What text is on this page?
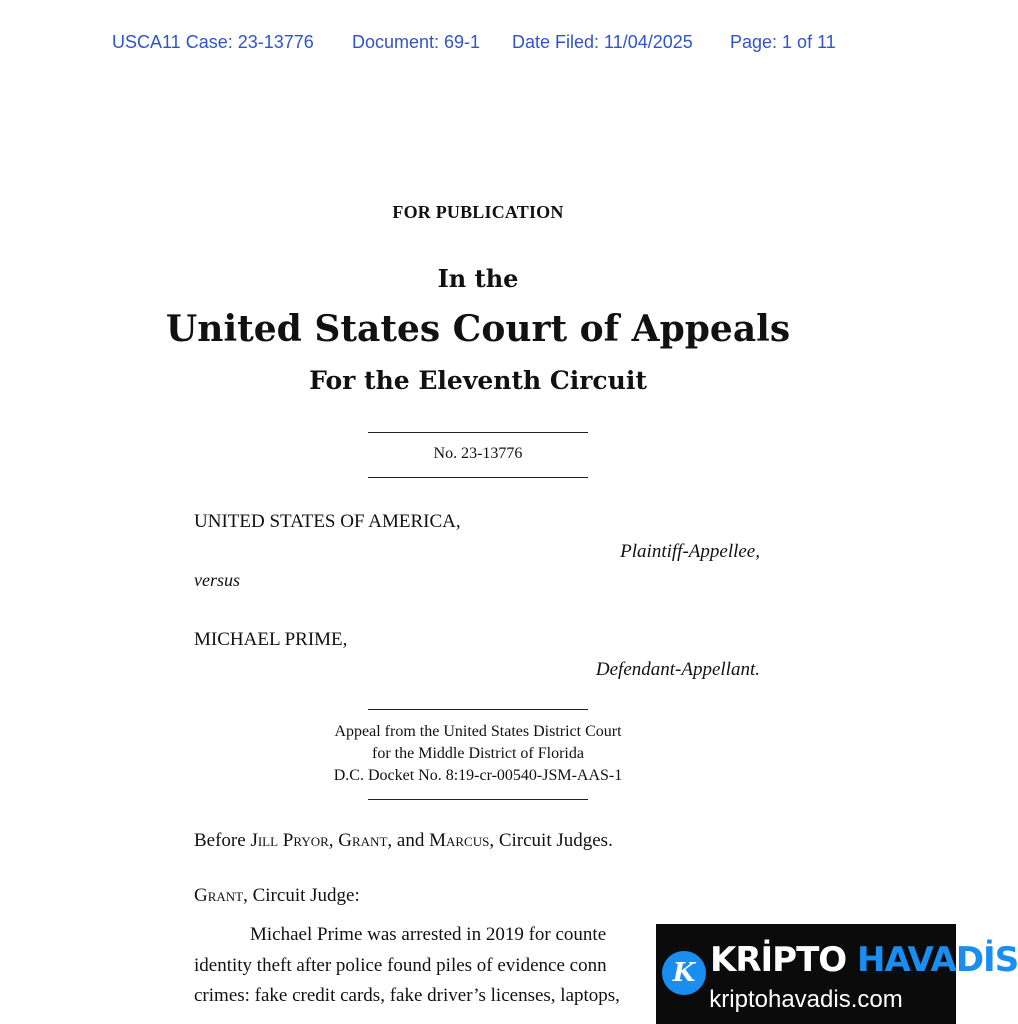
USCA11 Case: 23-13776 Document: 69-1 Date Filed: 11/04/2025 Page: 1 of 11
FOR PUBLICATION
In the
United States Court of Appeals
For the Eleventh Circuit
No. 23-13776
UNITED STATES OF AMERICA,
Plaintiff-Appellee,
versus
MICHAEL PRIME,
Defendant-Appellant.
Appeal from the United States District Court
for the Middle District of Florida
D.C. Docket No. 8:19-cr-00540-JSM-AAS-1
Before Jill Pryor, Grant, and Marcus, Circuit Judges.
Grant, Circuit Judge:
Michael Prime was arrested in 2019 for counte
identity theft after police found piles of evidence conn
crimes: fake credit cards, fake driver’s licenses, laptops,
K KRİPTO HAVADİS
kriptohavadis.com
